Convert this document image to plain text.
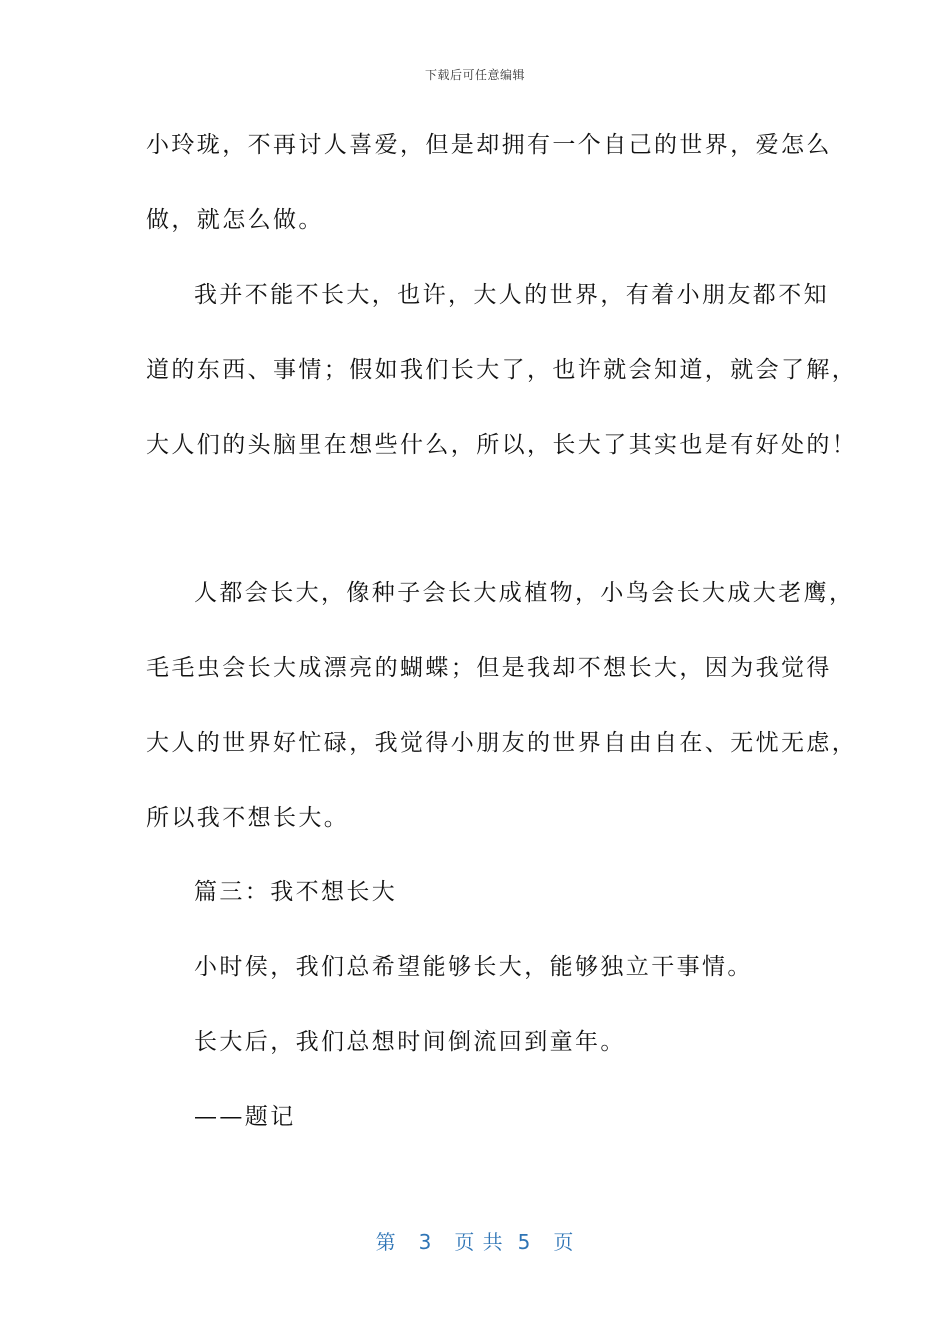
下载后可任意编辑
小玲珑，不再讨人喜爱，但是却拥有一个自己的世界，爱怎么
做，就怎么做。
我并不能不长大，也许，大人的世界，有着小朋友都不知
道的东西、事情；假如我们长大了，也许就会知道，就会了解，
大人们的头脑里在想些什么，所以，长大了其实也是有好处的！
人都会长大，像种子会长大成植物，小鸟会长大成大老鹰，
毛毛虫会长大成漂亮的蝴蝶；但是我却不想长大，因为我觉得
大人的世界好忙碌，我觉得小朋友的世界自由自在、无忧无虑，
所以我不想长大。
篇三：我不想长大
小时侯，我们总希望能够长大，能够独立干事情。
长大后，我们总想时间倒流回到童年。
——题记
第 3 页 共 5 页
